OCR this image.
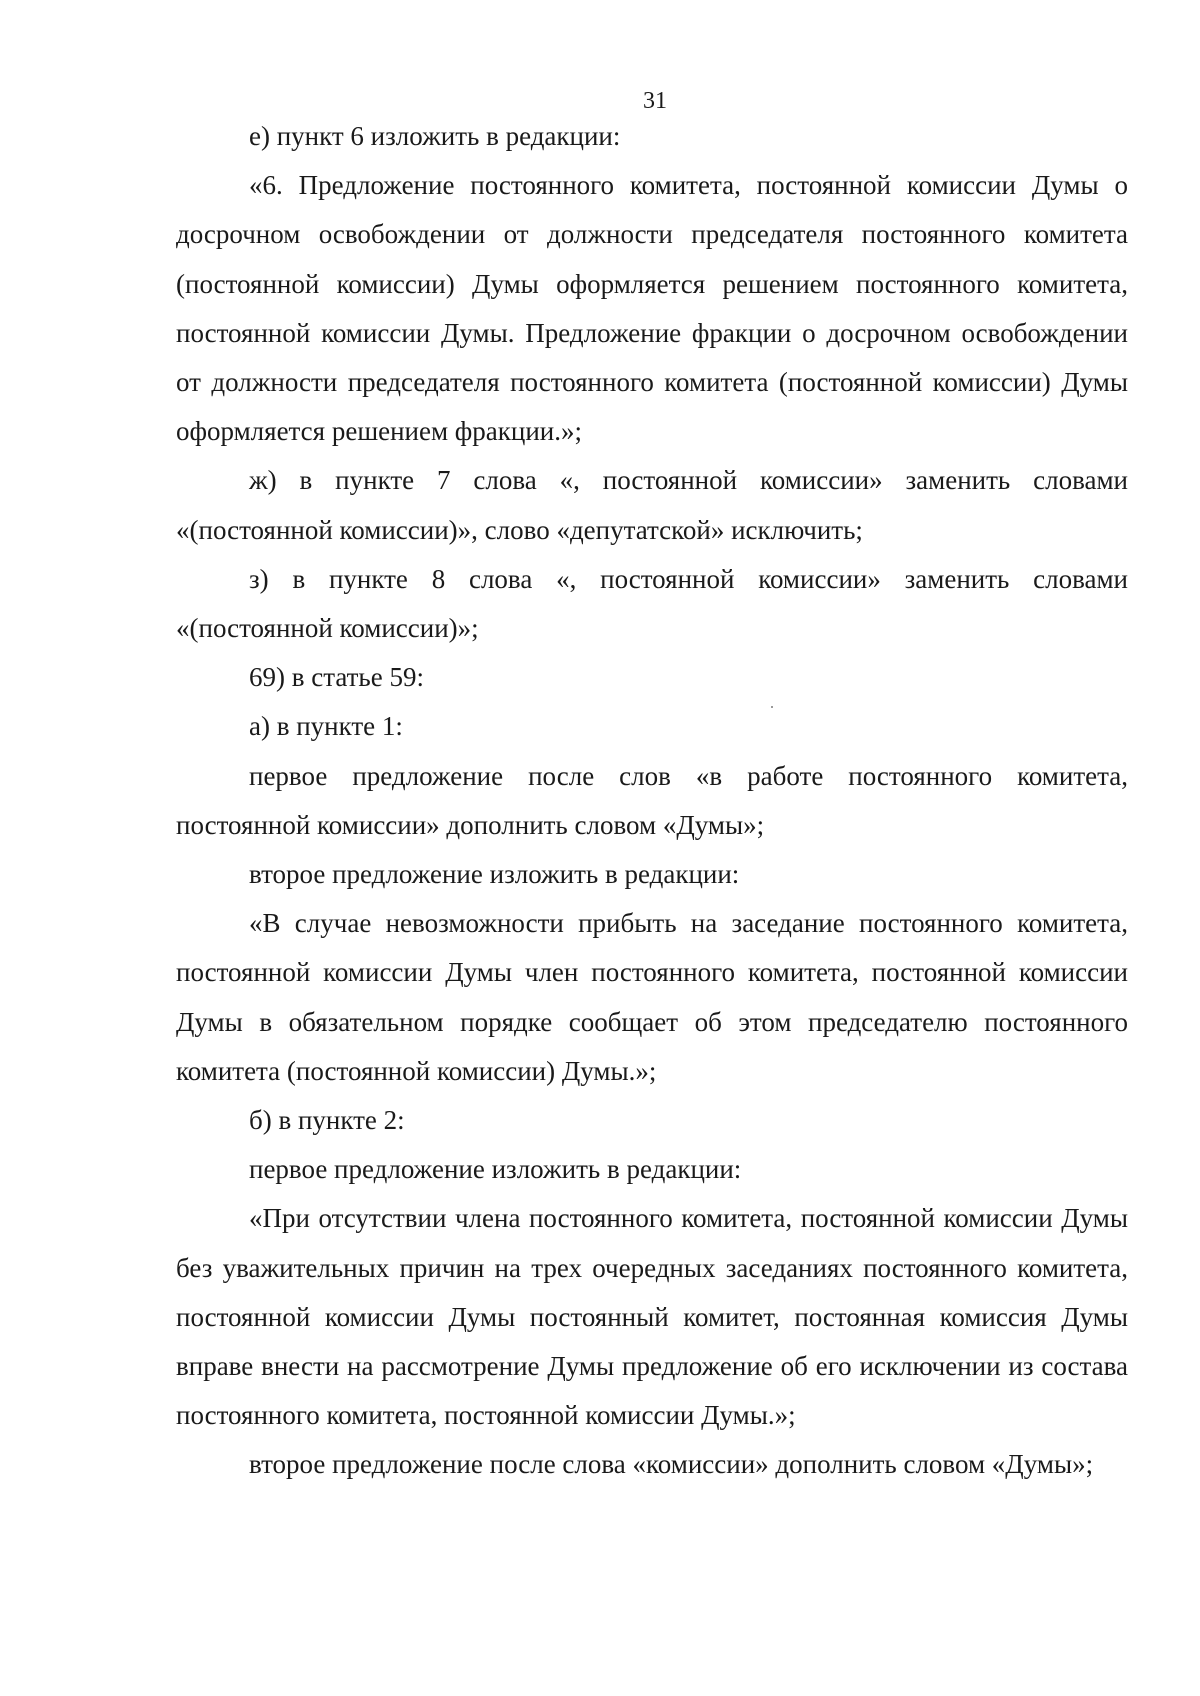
31

е) пункт 6 изложить в редакции:

«6. Предложение постоянного комитета, постоянной комиссии Думы о досрочном освобождении от должности председателя постоянного комитета (постоянной комиссии) Думы оформляется решением постоянного комитета, постоянной комиссии Думы. Предложение фракции о досрочном освобождении от должности председателя постоянного комитета (постоянной комиссии) Думы оформляется решением фракции.»;

ж) в пункте 7 слова «, постоянной комиссии» заменить словами «(постоянной комиссии)», слово «депутатской» исключить;

з) в пункте 8 слова «, постоянной комиссии» заменить словами «(постоянной комиссии)»;

69) в статье 59:

а) в пункте 1:

первое предложение после слов «в работе постоянного комитета, постоянной комиссии» дополнить словом «Думы»;

второе предложение изложить в редакции:

«В случае невозможности прибыть на заседание постоянного комитета, постоянной комиссии Думы член постоянного комитета, постоянной комиссии Думы в обязательном порядке сообщает об этом председателю постоянного комитета (постоянной комиссии) Думы.»;

б) в пункте 2:

первое предложение изложить в редакции:

«При отсутствии члена постоянного комитета, постоянной комиссии Думы без уважительных причин на трех очередных заседаниях постоянного комитета, постоянной комиссии Думы постоянный комитет, постоянная комиссия Думы вправе внести на рассмотрение Думы предложение об его исключении из состава постоянного комитета, постоянной комиссии Думы.»;

второе предложение после слова «комиссии» дополнить словом «Думы»;
